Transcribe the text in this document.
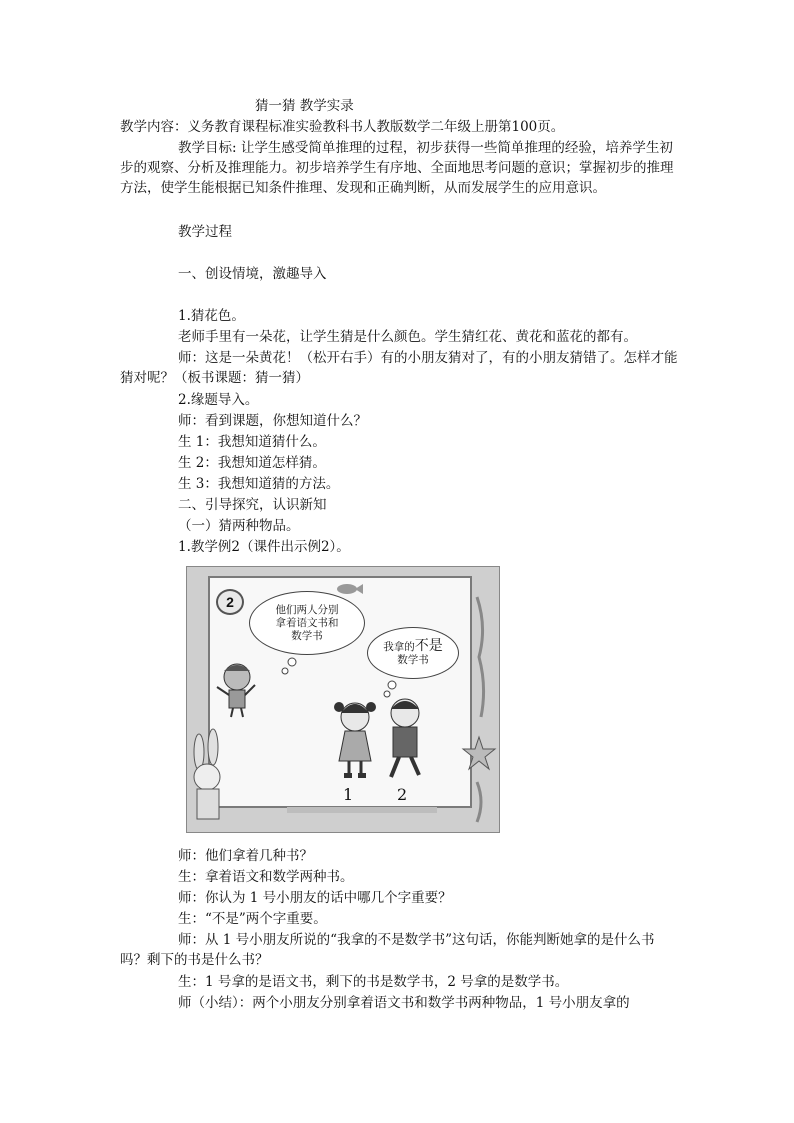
猜一猜 教学实录
教学内容：义务教育课程标准实验教科书人教版数学二年级上册第100页。
教学目标: 让学生感受简单推理的过程，初步获得一些简单推理的经验，培养学生初步的观察、分析及推理能力。初步培养学生有序地、全面地思考问题的意识；掌握初步的推理方法，使学生能根据已知条件推理、发现和正确判断，从而发展学生的应用意识。
教学过程
一、创设情境，激趣导入
1.猜花色。
老师手里有一朵花，让学生猜是什么颜色。学生猜红花、黄花和蓝花的都有。
师：这是一朵黄花！（松开右手）有的小朋友猜对了，有的小朋友猜错了。怎样才能猜对呢？（板书课题：猜一猜）
2.缘题导入。
师：看到课题，你想知道什么？
生 1：我想知道猜什么。
生 2：我想知道怎样猜。
生 3：我想知道猜的方法。
二、引导探究，认识新知
（一）猜两种物品。
1.教学例2（课件出示例2）。
2	他们两人分别
拿着语文书和
数学书
我拿的不是
数学书
1	2
师：他们拿着几种书？
生：拿着语文和数学两种书。
师：你认为 1 号小朋友的话中哪几个字重要？
生：“不是”两个字重要。
师：从 1 号小朋友所说的“我拿的不是数学书”这句话，你能判断她拿的是什么书吗？剩下的书是什么书？
生：1 号拿的是语文书，剩下的书是数学书，2 号拿的是数学书。
师（小结）：两个小朋友分别拿着语文书和数学书两种物品，1 号小朋友拿的
